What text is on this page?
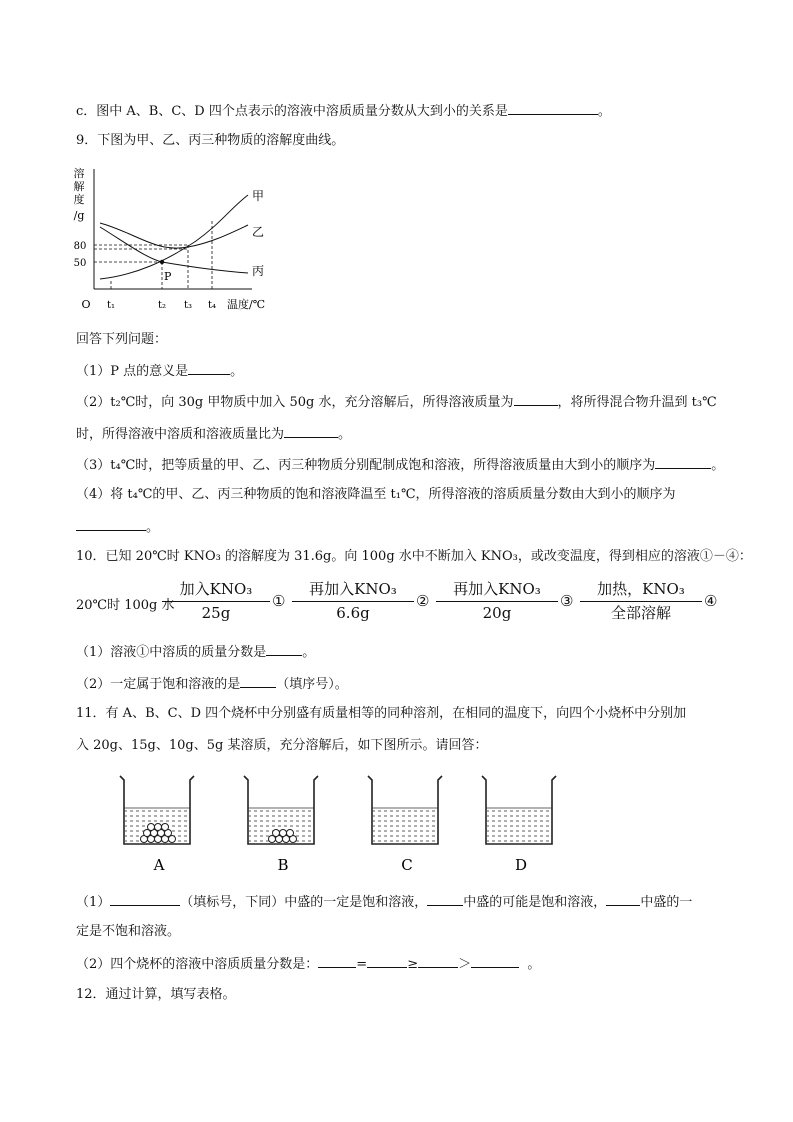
c．图中 A、B、C、D 四个点表示的溶液中溶质质量分数从大到小的关系是	。
9．下图为甲、乙、丙三种物质的溶解度曲线。
溶
解
度
/g
80
50
O
P
甲
乙
丙
t₁	t₂ t₃ t₄ 温度/℃
回答下列问题：
（1）P 点的意义是	。
（2）t₂℃时，向 30g 甲物质中加入 50g 水，充分溶解后，所得溶液质量为	，将所得混合物升温到 t₃℃
时，所得溶液中溶质和溶液质量比为	。
（3）t₄℃时，把等质量的甲、乙、丙三种物质分别配制成饱和溶液，所得溶液质量由大到小的顺序为	。
（4）将 t₄℃的甲、乙、丙三种物质的饱和溶液降温至 t₁℃，所得溶液的溶质质量分数由大到小的顺序为
。
10．已知 20℃时 KNO₃ 的溶解度为 31.6g。向 100g 水中不断加入 KNO₃，或改变温度，得到相应的溶液①－④：
20℃时 100g 水
加入KNO₃
25g
①
再加入KNO₃
6.6g
②
再加入KNO₃
20g
③
加热，KNO₃
全部溶解
④
（1）溶液①中溶质的质量分数是	。
（2）一定属于饱和溶液的是	（填序号）。
11．有 A、B、C、D 四个烧杯中分别盛有质量相等的同种溶剂，在相同的温度下，向四个小烧杯中分别加
入 20g、15g、10g、5g 某溶质，充分溶解后，如下图所示。请回答：
A	B	C	D
（1）	（填标号，下同）中盛的一定是饱和溶液，	中盛的可能是饱和溶液，	中盛的一
定是不饱和溶液。
（2）四个烧杯的溶液中溶质质量分数是：	=	≥	＞	。
12．通过计算，填写表格。
